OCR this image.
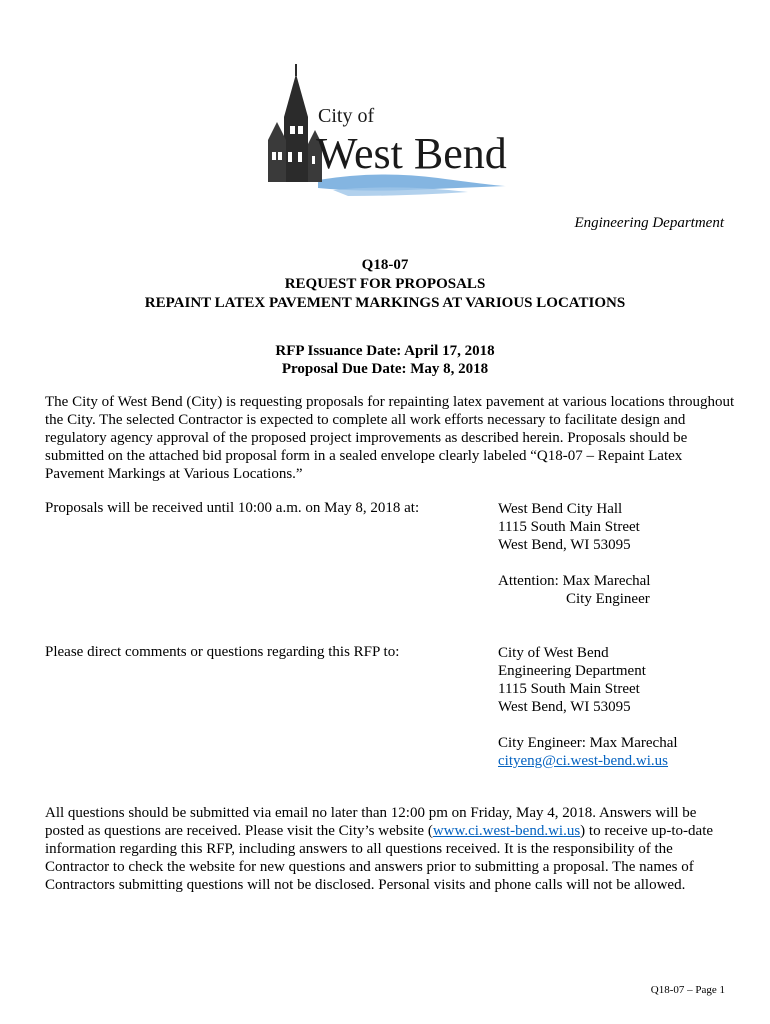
City of
West Bend
Engineering Department
Q18-07
REQUEST FOR PROPOSALS
REPAINT LATEX PAVEMENT MARKINGS AT VARIOUS LOCATIONS
RFP Issuance Date: April 17, 2018
Proposal Due Date: May 8, 2018
The City of West Bend (City) is requesting proposals for repainting latex pavement at various locations throughout the City. The selected Contractor is expected to complete all work efforts necessary to facilitate design and regulatory agency approval of the proposed project improvements as described herein. Proposals should be submitted on the attached bid proposal form in a sealed envelope clearly labeled “Q18-07 – Repaint Latex Pavement Markings at Various Locations.”
Proposals will be received until 10:00 a.m. on May 8, 2018 at:	West Bend City Hall
1115 South Main Street
West Bend, WI 53095
Attention: Max Marechal
City Engineer
Please direct comments or questions regarding this RFP to:	City of West Bend
Engineering Department
1115 South Main Street
West Bend, WI 53095
City Engineer: Max Marechal
cityeng@ci.west-bend.wi.us
All questions should be submitted via email no later than 12:00 pm on Friday, May 4, 2018. Answers will be posted as questions are received. Please visit the City’s website (www.ci.west-bend.wi.us) to receive up-to-date information regarding this RFP, including answers to all questions received. It is the responsibility of the Contractor to check the website for new questions and answers prior to submitting a proposal. The names of Contractors submitting questions will not be disclosed. Personal visits and phone calls will not be allowed.
Q18-07 – Page 1
